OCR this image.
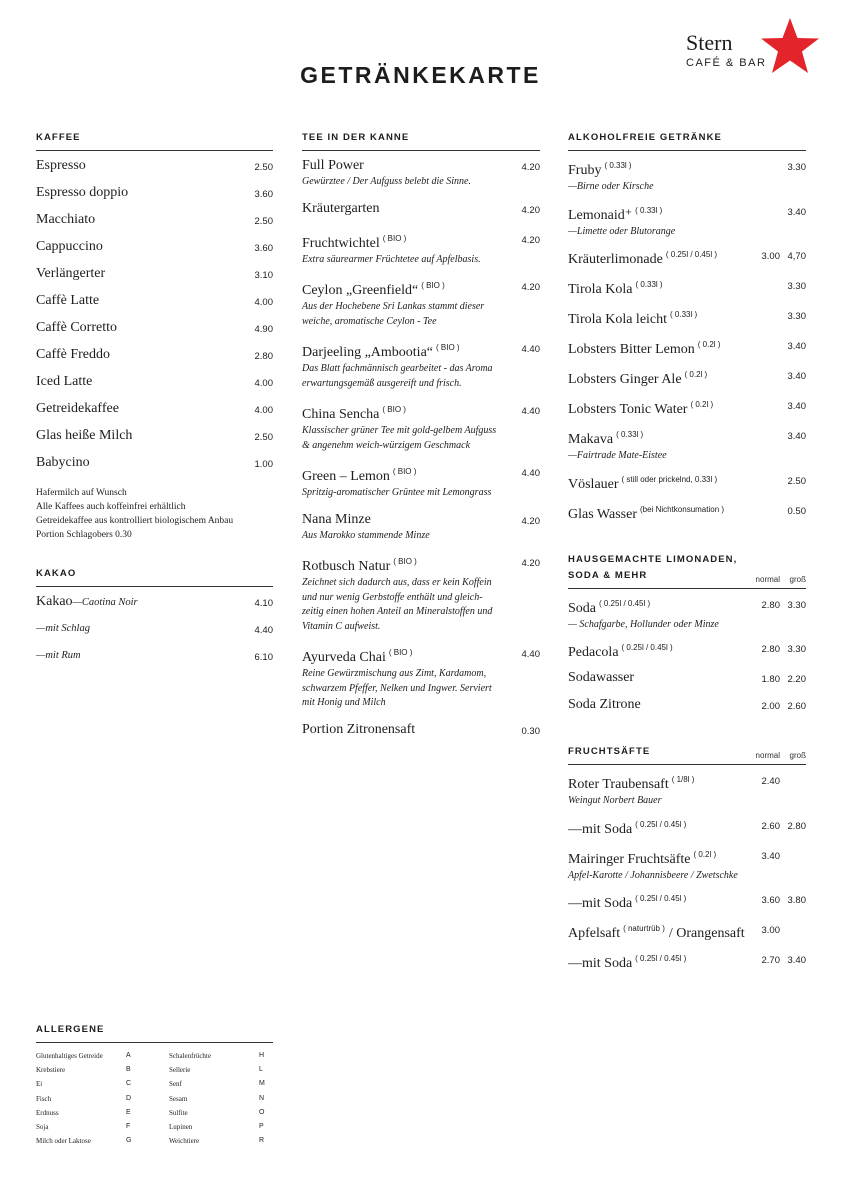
GETRÄNKEKARTE
Stern
CAFÉ & BAR
KAFFEE
Espresso	2.50
Espresso doppio	3.60
Macchiato	2.50
Cappuccino	3.60
Verlängerter	3.10
Caffè Latte	4.00
Caffè Corretto	4.90
Caffè Freddo	2.80
Iced Latte	4.00
Getreidekaffee	4.00
Glas heiße Milch	2.50
Babycino	1.00
Hafermilch auf Wunsch
Alle Kaffees auch koffeinfrei erhältlich
Getreidekaffee aus kontrolliert biologischem Anbau
Portion Schlagobers 0.30
KAKAO
Kakao—Caotina Noir	4.10
—mit Schlag	4.40
—mit Rum	6.10
TEE IN DER KANNE
Full Power
Gewürztee / Der Aufguss belebt die Sinne.
4.20
Kräutergarten	4.20
Fruchtwichtel $^{( BIO )}$
Extra säurearmer Früchtetee auf Apfelbasis.
4.20
Ceylon „Greenfield“ $^{( BIO )}$
Aus der Hochebene Sri Lankas stammt dieser weiche, aromatische Ceylon - Tee
4.20
Darjeeling „Ambootia“ $^{( BIO )}$
Das Blatt fachmännisch gearbeitet - das Aroma erwartungsgemäß ausgereift und frisch.
4.40
China Sencha $^{( BIO )}$
Klassischer grüner Tee mit gold-gelbem Aufguss & angenehm weich-würzigem Geschmack
4.40
Green – Lemon $^{( BIO )}$
Spritzig-aromatischer Grüntee mit Lemongrass
4.40
Nana Minze
Aus Marokko stammende Minze
4.20
Rotbusch Natur $^{( BIO )}$
Zeichnet sich dadurch aus, dass er kein Koffein und nur wenig Gerbstoffe enthält und gleich-zeitig einen hohen Anteil an Mineralstoffen und Vitamin C aufweist.
4.20
Ayurveda Chai $^{( BIO )}$
Reine Gewürzmischung aus Zimt, Kardamom, schwarzem Pfeffer, Nelken und Ingwer. Serviert mit Honig und Milch
4.40
Portion Zitronensaft	0.30
ALKOHOLFREIE GETRÄNKE
Fruby $^{( 0.33l )}$
—Birne oder Kirsche
3.30
Lemonaid⁺ $^{( 0.33l )}$
—Limette oder Blutorange
3.40
Kräuterlimonade $^{( 0.25l / 0.45l )}$	3.00 4,70
Tirola Kola $^{( 0.33l )}$	3.30
Tirola Kola leicht $^{( 0.33l )}$	3.30
Lobsters Bitter Lemon $^{( 0.2l )}$	3.40
Lobsters Ginger Ale $^{( 0.2l )}$	3.40
Lobsters Tonic Water $^{( 0.2l )}$	3.40
Makava $^{( 0.33l )}$
—Fairtrade Mate-Eistee
3.40
Vöslauer $^{( still oder prickelnd, 0.33l )}$	2.50
Glas Wasser $^{(bei Nichtkonsumation )}$	0.50
HAUSGEMACHTE LIMONADEN,
SODA & MEHR	normal	groß
Soda $^{( 0.25l / 0.45l )}$
— Schafgarbe, Hollunder oder Minze
2.80 3.30
Pedacola $^{( 0.25l / 0.45l )}$	2.80 3.30
Sodawasser	1.80 2.20
Soda Zitrone	2.00 2.60
FRUCHTSÄFTE	normal	groß
Roter Traubensaft $^{( 1/8l )}$
Weingut Norbert Bauer
2.40
—mit Soda $^{( 0.25l / 0.45l )}$	2.60 2.80
Mairinger Fruchtsäfte $^{( 0.2l )}$
Apfel-Karotte / Johannisbeere / Zwetschke
3.40
—mit Soda $^{( 0.25l / 0.45l )}$	3.60 3.80
Apfelsaft $^{( naturtrüb )}$ / Orangensaft	3.00
—mit Soda $^{( 0.25l / 0.45l )}$	2.70 3.40
ALLERGENE
Glutenhaltiges Getreide	A	Schalenfrüchte	H
Krebstiere	B	Sellerie	L
Ei	C	Senf	M
Fisch	D	Sesam	N
Erdnuss	E	Sulfite	O
Soja	F	Lupinen	P
Milch oder Laktose	G	Weichtiere	R
